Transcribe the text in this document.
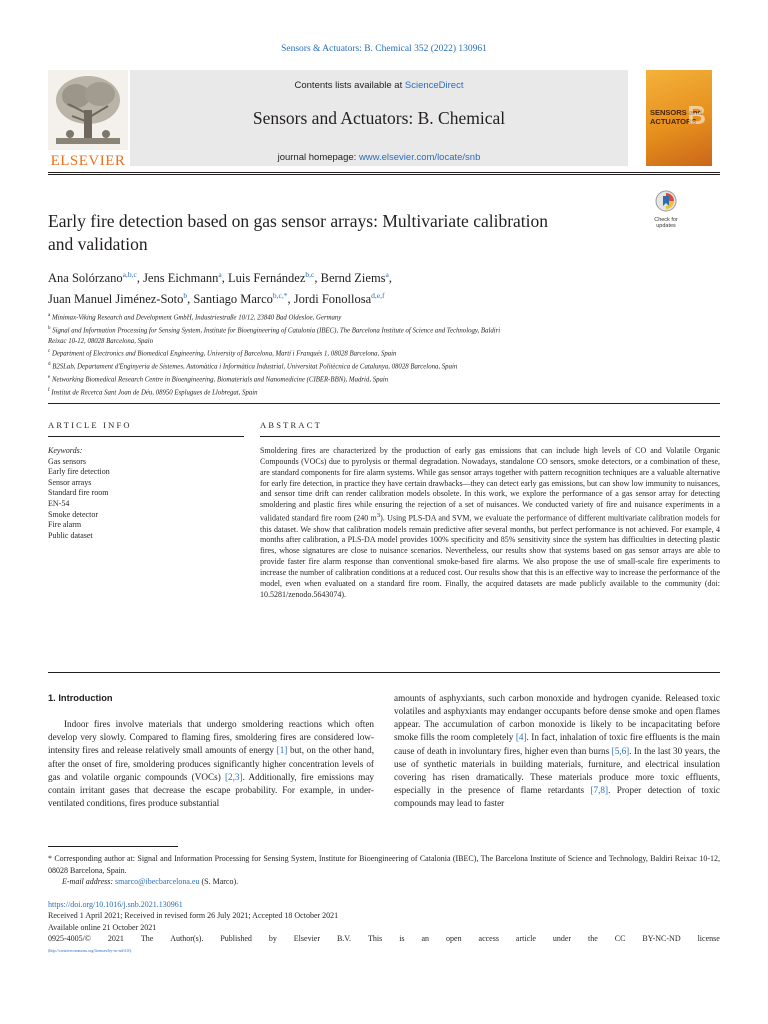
Sensors & Actuators: B. Chemical 352 (2022) 130961
ELSEVIER
Contents lists available at ScienceDirect
Sensors and Actuators: B. Chemical
journal homepage: www.elsevier.com/locate/snb
SENSORS and
ACTUATORS
B
Check for
updates
Early fire detection based on gas sensor arrays: Multivariate calibration
and validation
Ana Solórzano$^{a,b,c}$, Jens Eichmann$^a$, Luis Fernández$^{b,c}$, Bernd Ziems$^a$,
Juan Manuel Jiménez-Soto$^b$, Santiago Marco$^{b,c,*}$, Jordi Fonollosa$^{d,e,f}$
$^a$ Minimax-Viking Research and Development GmbH, Industriestraße 10/12, 23840 Bad Oldesloe, Germany
$^b$ Signal and Information Processing for Sensing System, Institute for Bioengineering of Catalonia (IBEC), The Barcelona Institute of Science and Technology, Baldiri
Reixac 10-12, 08028 Barcelona, Spain
$^c$ Department of Electronics and Biomedical Engineering, University of Barcelona, Martí i Franqués 1, 08028 Barcelona, Spain
$^d$ B2SLab, Departament d'Enginyeria de Sistemes, Automàtica i Informàtica Industrial, Universitat Politècnica de Catalunya, 08028 Barcelona, Spain
$^e$ Networking Biomedical Research Centre in Bioengineering, Biomaterials and Nanomedicine (CIBER-BBN), Madrid, Spain
$^f$ Institut de Recerca Sant Joan de Déu, 08950 Esplugues de Llobregat, Spain
ARTICLE INFO	ABSTRACT
Keywords:
Gas sensors
Early fire detection
Sensor arrays
Standard fire room
EN-54
Smoke detector
Fire alarm
Public dataset
Smoldering fires are characterized by the production of early gas emissions that can include high levels of CO and Volatile Organic Compounds (VOCs) due to pyrolysis or thermal degradation. Nowadays, standalone CO sensors, smoke detectors, or a combination of these, are standard components for fire alarm systems. While gas sensor arrays together with pattern recognition techniques are a valuable alternative for early fire detection, in practice they have certain drawbacks—they can detect early gas emissions, but can show low immunity to nuisances, and sensor time drift can render calibration models obsolete. In this work, we explore the performance of a gas sensor array for detecting smoldering and plastic fires while ensuring the rejection of a set of nuisances. We conducted variety of fire and nuisance experiments in a validated standard fire room (240 $m^3$). Using PLS-DA and SVM, we evaluate the performance of different multivariate calibration models for this dataset. We show that calibration models remain predictive after several months, but perfect performance is not achieved. For example, 4 months after calibration, a PLS-DA model provides 100% specificity and 85% sensitivity since the system has difficulties in detecting plastic fires, whose signatures are close to nuisance scenarios. Nevertheless, our results show that systems based on gas sensor arrays are able to provide faster fire alarm response than conventional smoke-based fire alarms. We also propose the use of small-scale fire experiments to increase the number of calibration conditions at a reduced cost. Our results show that this is an effective way to increase the performance of the model, even when evaluated on a standard fire room. Finally, the acquired datasets are made publicly available to the community (doi: 10.5281/zenodo.5643074).
1. Introduction
Indoor fires involve materials that undergo smoldering reactions which often develop very slowly. Compared to flaming fires, smoldering fires are considered low-intensity fires and release relatively small amounts of energy [1] but, on the other hand, after the onset of fire, smoldering produces significantly higher concentration levels of gas and volatile organic compounds (VOCs) [2,3]. Additionally, fire emissions may contain irritant gases that decrease the escape probability. For example, in under-ventilated conditions, fires produce substantial
amounts of asphyxiants, such carbon monoxide and hydrogen cyanide. Released toxic volatiles and asphyxiants may endanger occupants before dense smoke and open flames appear. The accumulation of carbon monoxide is likely to be incapacitating before smoke fills the room completely [4]. In fact, inhalation of toxic fire effluents is the main cause of death in involuntary fires, higher even than burns [5,6]. In the last 30 years, the use of synthetic materials in building materials, furniture, and electrical insulation covering has risen dramatically. These materials produce more toxic effluents, especially in the presence of flame retardants [7,8]. Proper detection of toxic compounds may lead to faster
* Corresponding author at: Signal and Information Processing for Sensing System, Institute for Bioengineering of Catalonia (IBEC), The Barcelona Institute of Science and Technology, Baldiri Reixac 10-12, 08028 Barcelona, Spain.
E-mail address: smarco@ibecbarcelona.eu (S. Marco).
https://doi.org/10.1016/j.snb.2021.130961
Received 1 April 2021; Received in revised form 26 July 2021; Accepted 18 October 2021
Available online 21 October 2021
0925-4005/© 2021 The Author(s). Published by Elsevier B.V. This is an open access article under the CC BY-NC-ND license
(http://creativecommons.org/licenses/by-nc-nd/4.0/).
